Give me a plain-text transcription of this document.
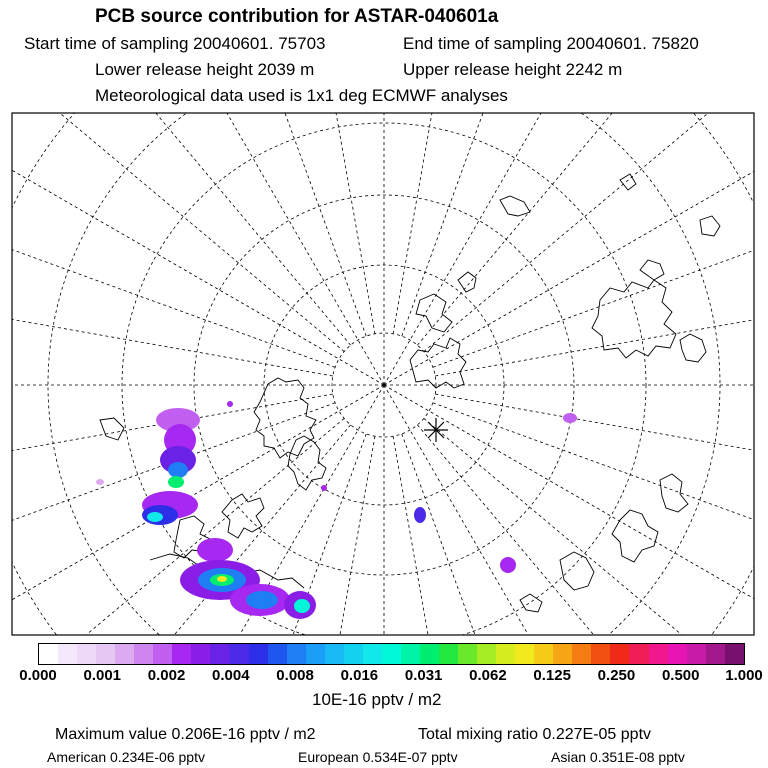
PCB source contribution for ASTAR-040601a
Start time of sampling 20040601. 75703	End time of sampling 20040601. 75820
Lower release height 2039 m	Upper release height 2242 m
Meteorological data used is 1x1 deg ECMWF analyses
0.000 0.001 0.002 0.004 0.008 0.016 0.031 0.062 0.125 0.250 0.500 1.000
10E-16 pptv / m2
Maximum value 0.206E-16 pptv / m2	Total mixing ratio 0.227E-05 pptv
American 0.234E-06 pptv	European 0.534E-07 pptv	Asian 0.351E-08 pptv
